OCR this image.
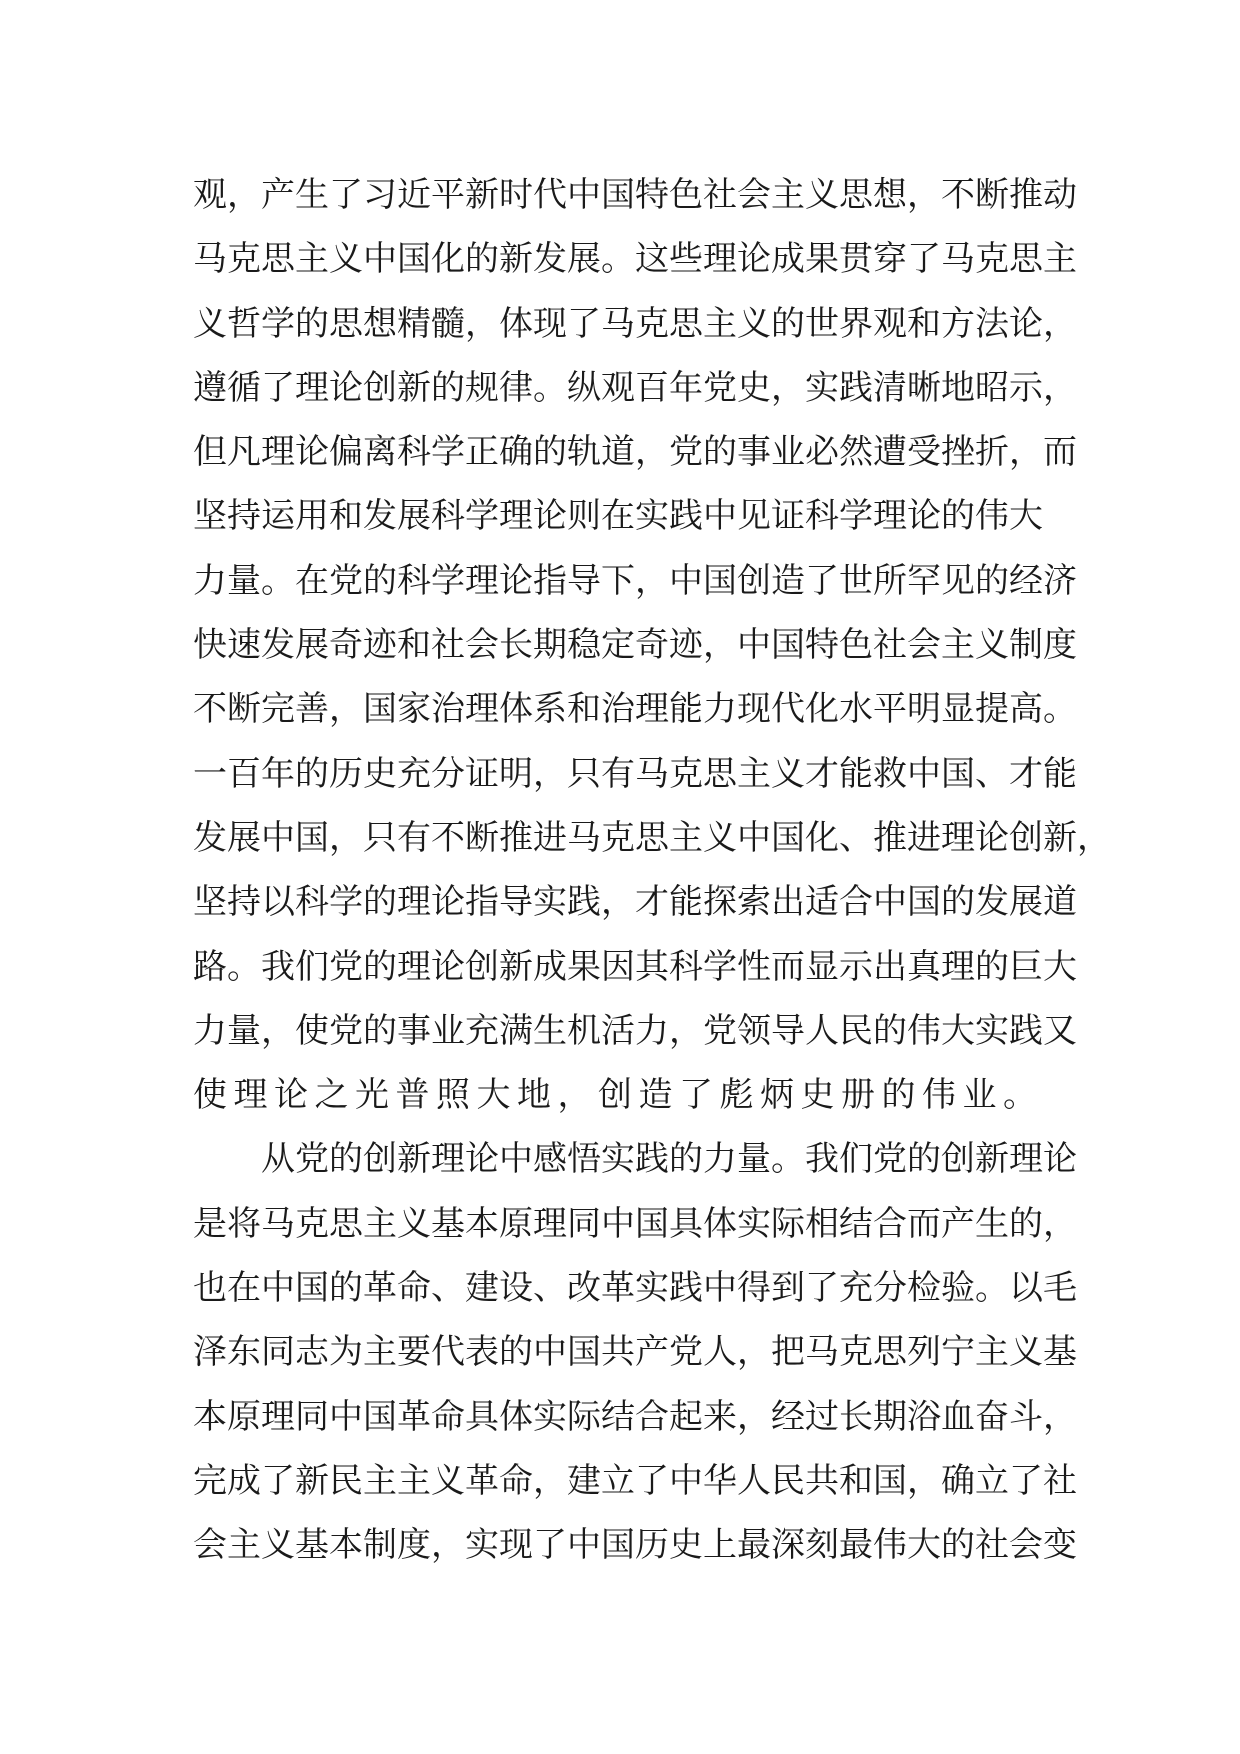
观，产生了习近平新时代中国特色社会主义思想，不断推动
马克思主义中国化的新发展。这些理论成果贯穿了马克思主
义哲学的思想精髓，体现了马克思主义的世界观和方法论，
遵循了理论创新的规律。纵观百年党史，实践清晰地昭示，
但凡理论偏离科学正确的轨道，党的事业必然遭受挫折，而
坚持运用和发展科学理论则在实践中见证科学理论的伟大
力量。在党的科学理论指导下，中国创造了世所罕见的经济
快速发展奇迹和社会长期稳定奇迹，中国特色社会主义制度
不断完善，国家治理体系和治理能力现代化水平明显提高。
一百年的历史充分证明，只有马克思主义才能救中国、才能
发展中国，只有不断推进马克思主义中国化、推进理论创新，
坚持以科学的理论指导实践，才能探索出适合中国的发展道
路。我们党的理论创新成果因其科学性而显示出真理的巨大
力量，使党的事业充满生机活力，党领导人民的伟大实践又
使理论之光普照大地，创造了彪炳史册的伟业。
从党的创新理论中感悟实践的力量。我们党的创新理论
是将马克思主义基本原理同中国具体实际相结合而产生的，
也在中国的革命、建设、改革实践中得到了充分检验。以毛
泽东同志为主要代表的中国共产党人，把马克思列宁主义基
本原理同中国革命具体实际结合起来，经过长期浴血奋斗，
完成了新民主主义革命，建立了中华人民共和国，确立了社
会主义基本制度，实现了中国历史上最深刻最伟大的社会变
